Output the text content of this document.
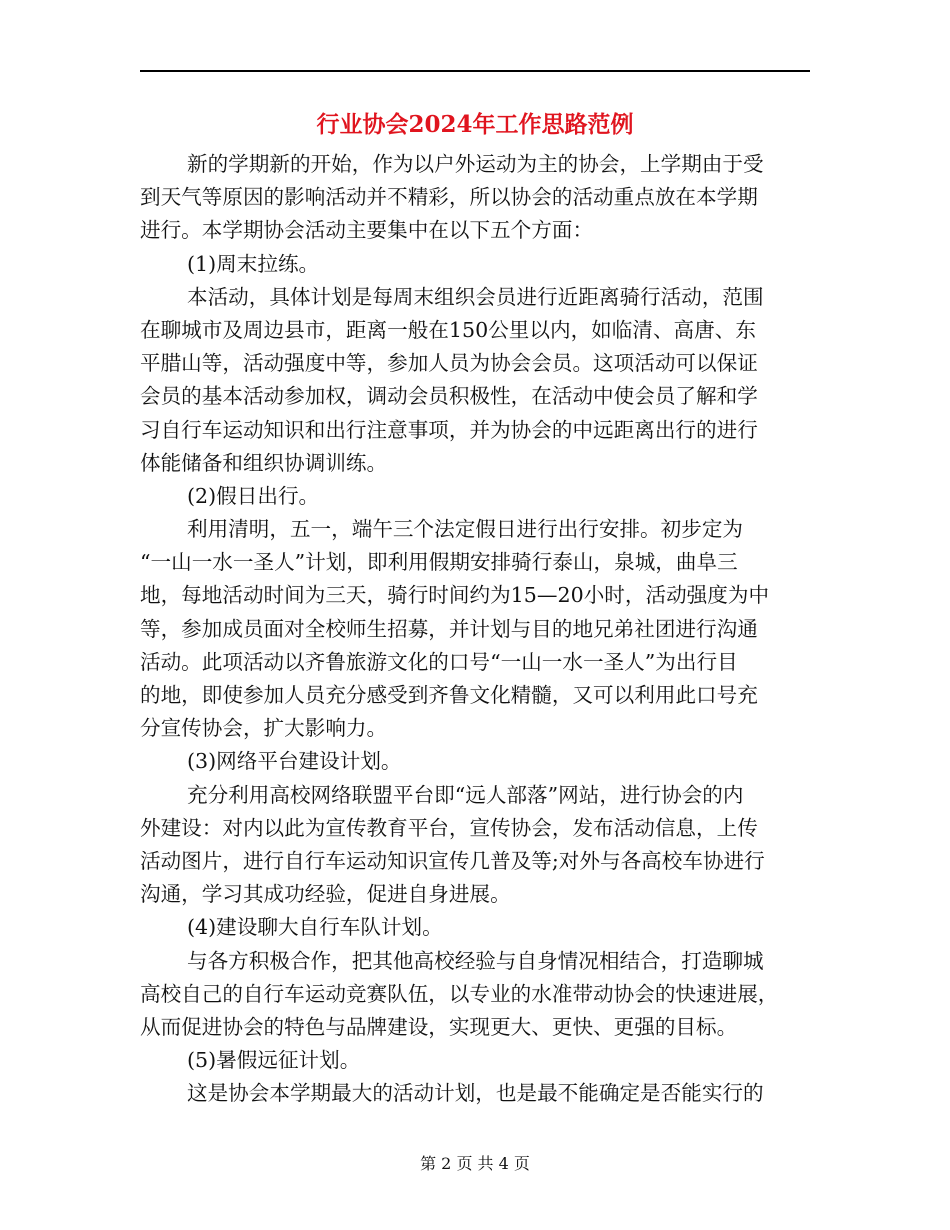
行业协会2024年工作思路范例
新的学期新的开始，作为以户外运动为主的协会，上学期由于受
到天气等原因的影响活动并不精彩，所以协会的活动重点放在本学期
进行。本学期协会活动主要集中在以下五个方面：
(1)周末拉练。
本活动，具体计划是每周末组织会员进行近距离骑行活动，范围
在聊城市及周边县市，距离一般在150公里以内，如临清、高唐、东
平腊山等，活动强度中等，参加人员为协会会员。这项活动可以保证
会员的基本活动参加权，调动会员积极性，在活动中使会员了解和学
习自行车运动知识和出行注意事项，并为协会的中远距离出行的进行
体能储备和组织协调训练。
(2)假日出行。
利用清明，五一，端午三个法定假日进行出行安排。初步定为
“一山一水一圣人”计划，即利用假期安排骑行泰山，泉城，曲阜三
地，每地活动时间为三天，骑行时间约为15—20小时，活动强度为中
等，参加成员面对全校师生招募，并计划与目的地兄弟社团进行沟通
活动。此项活动以齐鲁旅游文化的口号“一山一水一圣人”为出行目
的地，即使参加人员充分感受到齐鲁文化精髓，又可以利用此口号充
分宣传协会，扩大影响力。
(3)网络平台建设计划。
充分利用高校网络联盟平台即“远人部落”网站，进行协会的内
外建设：对内以此为宣传教育平台，宣传协会，发布活动信息，上传
活动图片，进行自行车运动知识宣传几普及等;对外与各高校车协进行
沟通，学习其成功经验，促进自身进展。
(4)建设聊大自行车队计划。
与各方积极合作，把其他高校经验与自身情况相结合，打造聊城
高校自己的自行车运动竞赛队伍，以专业的水准带动协会的快速进展，
从而促进协会的特色与品牌建设，实现更大、更快、更强的目标。
(5)暑假远征计划。
这是协会本学期最大的活动计划，也是最不能确定是否能实行的
第 2 页 共 4 页
